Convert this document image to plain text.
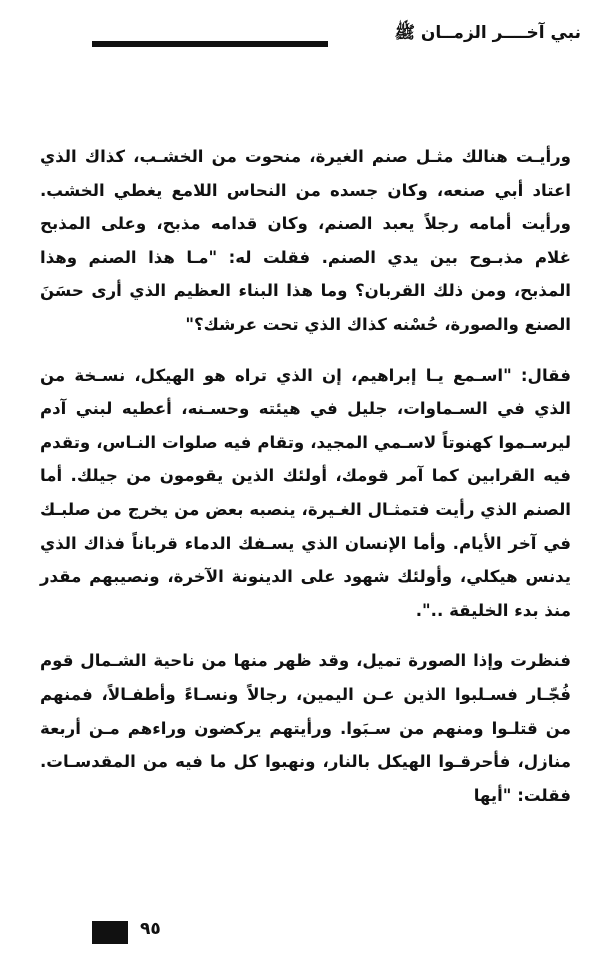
نبي آخــــر الزمــان ﷺ

ورأيـت هنالك مثـل صنم الغيرة، منحوت من الخشـب، كذاك الذي اعتاد أبي صنعه، وكان جسده من النحاس اللامع يغطي الخشب. ورأيت أمامه رجلاً يعبد الصنم، وكان قدامه مذبح، وعلى المذبح غلام مذبـوح بين يدي الصنم. فقلت له: "مـا هذا الصنم وهذا المذبح، ومن ذلك القربان؟ وما هذا البناء العظيم الذي أرى حسَنَ الصنع والصورة، حُسْنه كذاك الذي تحت عرشك؟"

فقال: "اسـمع يـا إبراهيم، إن الذي تراه هو الهيكل، نسـخة من الذي في السـماوات، جليل في هيئته وحسـنه، أعطيه لبني آدم ليرسـموا كهنوتاً لاسـمي المجيد، وتقام فيه صلوات النـاس، وتقدم فيه القرابين كما آمر قومك، أولئك الذين يقومون من جيلك. أما الصنم الذي رأيت فتمثـال الغـيرة، ينصبه بعض من يخرج من صلبـك في آخر الأيام. وأما الإنسان الذي يسـفك الدماء قرباناً فذاك الذي يدنس هيكلي، وأولئك شهود على الدينونة الآخرة، ونصيبهم مقدر منذ بدء الخليقة ..".

فنظرت وإذا الصورة تميل، وقد ظهر منها من ناحية الشـمال قوم فُجّـار فسـلبوا الذين عـن اليمين، رجالاً ونسـاءً وأطفـالاً، فمنهم من قتلـوا ومنهم من سـبَوا. ورأيتهم يركضون وراءهم مـن أربعة منازل، فأحرقـوا الهيكل بالنار، ونهبوا كل ما فيه من المقدسـات. فقلت: "أيها

٩٥
